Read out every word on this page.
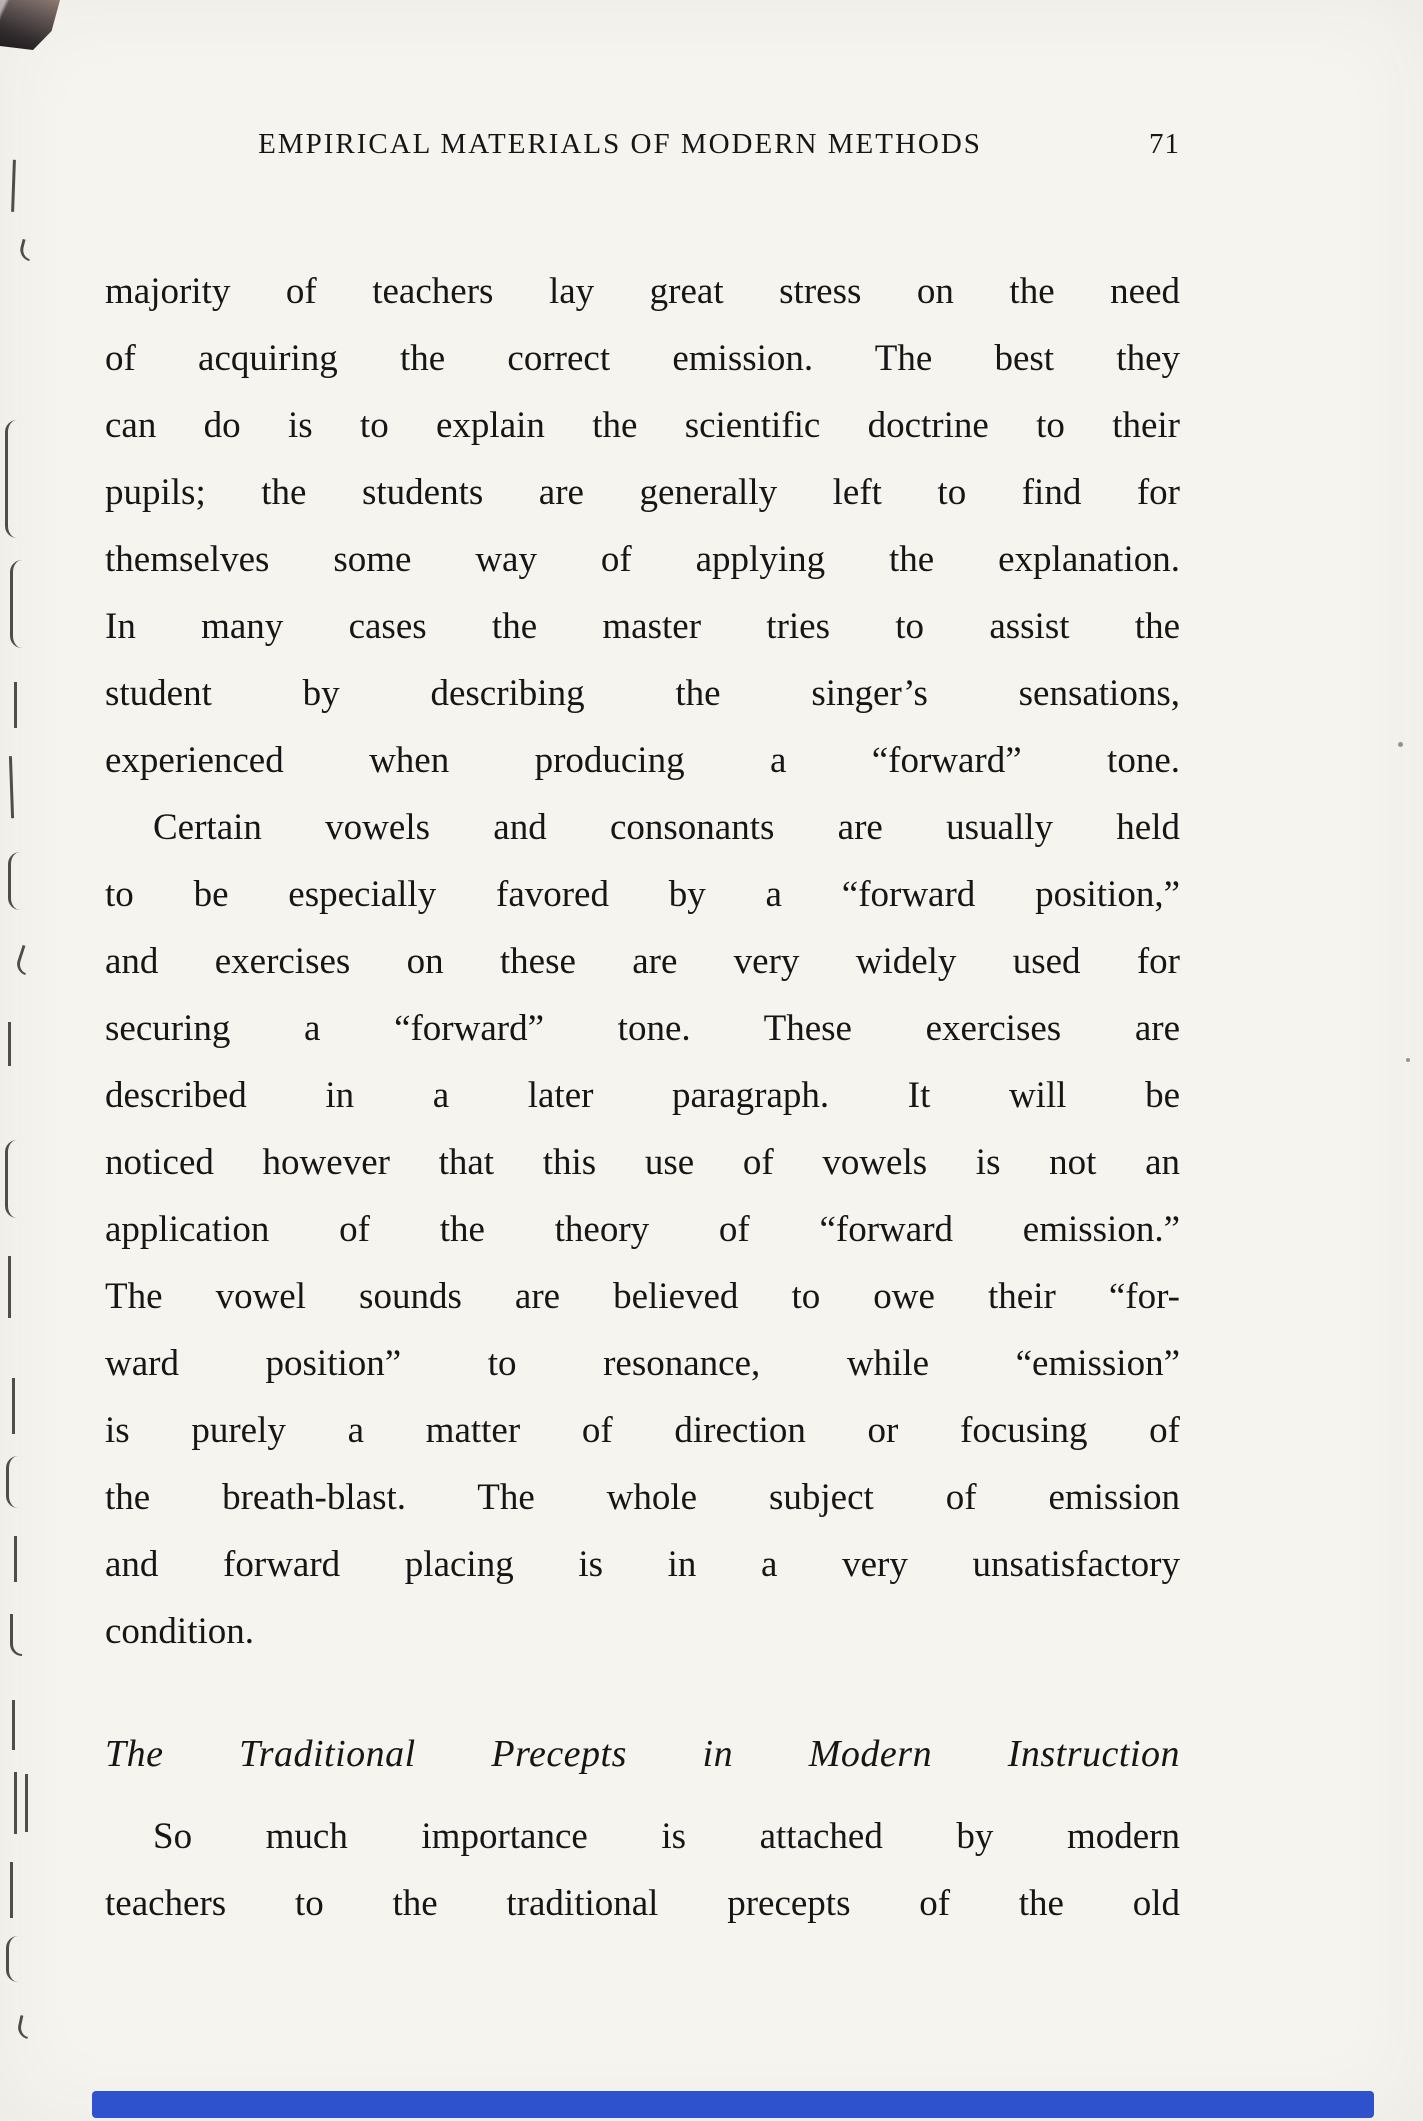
EMPIRICAL MATERIALS OF MODERN METHODS	71
majority of teachers lay great stress on the need
of acquiring the correct emission. The best they
can do is to explain the scientific doctrine to their
pupils; the students are generally left to find for
themselves some way of applying the explanation.
In many cases the master tries to assist the
student by describing the singer’s sensations,
experienced when producing a “forward” tone.
Certain vowels and consonants are usually held
to be especially favored by a “forward position,”
and exercises on these are very widely used for
securing a “forward” tone. These exercises are
described in a later paragraph. It will be
noticed however that this use of vowels is not an
application of the theory of “forward emission.”
The vowel sounds are believed to owe their “for-
ward position” to resonance, while “emission”
is purely a matter of direction or focusing of
the breath-blast. The whole subject of emission
and forward placing is in a very unsatisfactory
condition.
The Traditional Precepts in Modern Instruction
So much importance is attached by modern
teachers to the traditional precepts of the old
